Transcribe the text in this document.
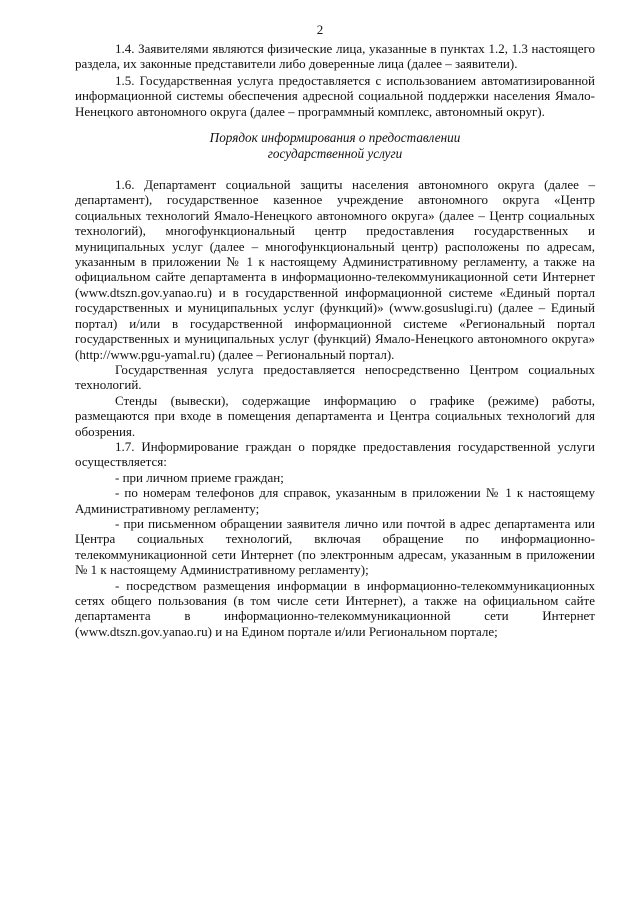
2

1.4. Заявителями являются физические лица, указанные в пунктах 1.2, 1.3 настоящего раздела, их законные представители либо доверенные лица (далее – заявители).

1.5. Государственная услуга предоставляется с использованием автоматизированной информационной системы обеспечения адресной социальной поддержки населения Ямало-Ненецкого автономного округа (далее – программный комплекс, автономный округ).

Порядок информирования о предоставлении
государственной услуги

1.6. Департамент социальной защиты населения автономного округа (далее – департамент), государственное казенное учреждение автономного округа «Центр социальных технологий Ямало-Ненецкого автономного округа» (далее – Центр социальных технологий), многофункциональный центр предоставления государственных и муниципальных услуг (далее – многофункциональный центр) расположены по адресам, указанным в приложении № 1 к настоящему Административному регламенту, а также на официальном сайте департамента в информационно-телекоммуникационной сети Интернет (www.dtszn.gov.yanao.ru) и в государственной информационной системе «Единый портал государственных и муниципальных услуг (функций)» (www.gosuslugi.ru) (далее – Единый портал) и/или в государственной информационной системе «Региональный портал государственных и муниципальных услуг (функций) Ямало-Ненецкого автономного округа» (http://www.pgu-yamal.ru) (далее – Региональный портал).

Государственная услуга предоставляется непосредственно Центром социальных технологий.

Стенды (вывески), содержащие информацию о графике (режиме) работы, размещаются при входе в помещения департамента и Центра социальных технологий для обозрения.

1.7. Информирование граждан о порядке предоставления государственной услуги осуществляется:

- при личном приеме граждан;

- по номерам телефонов для справок, указанным в приложении № 1 к настоящему Административному регламенту;

- при письменном обращении заявителя лично или почтой в адрес департамента или Центра социальных технологий, включая обращение по информационно-телекоммуникационной сети Интернет (по электронным адресам, указанным в приложении № 1 к настоящему Административному регламенту);

- посредством размещения информации в информационно-телекоммуникационных сетях общего пользования (в том числе сети Интернет), а также на официальном сайте департамента в информационно-телекоммуникационной сети Интернет (www.dtszn.gov.yanao.ru) и на Едином портале и/или Региональном портале;
